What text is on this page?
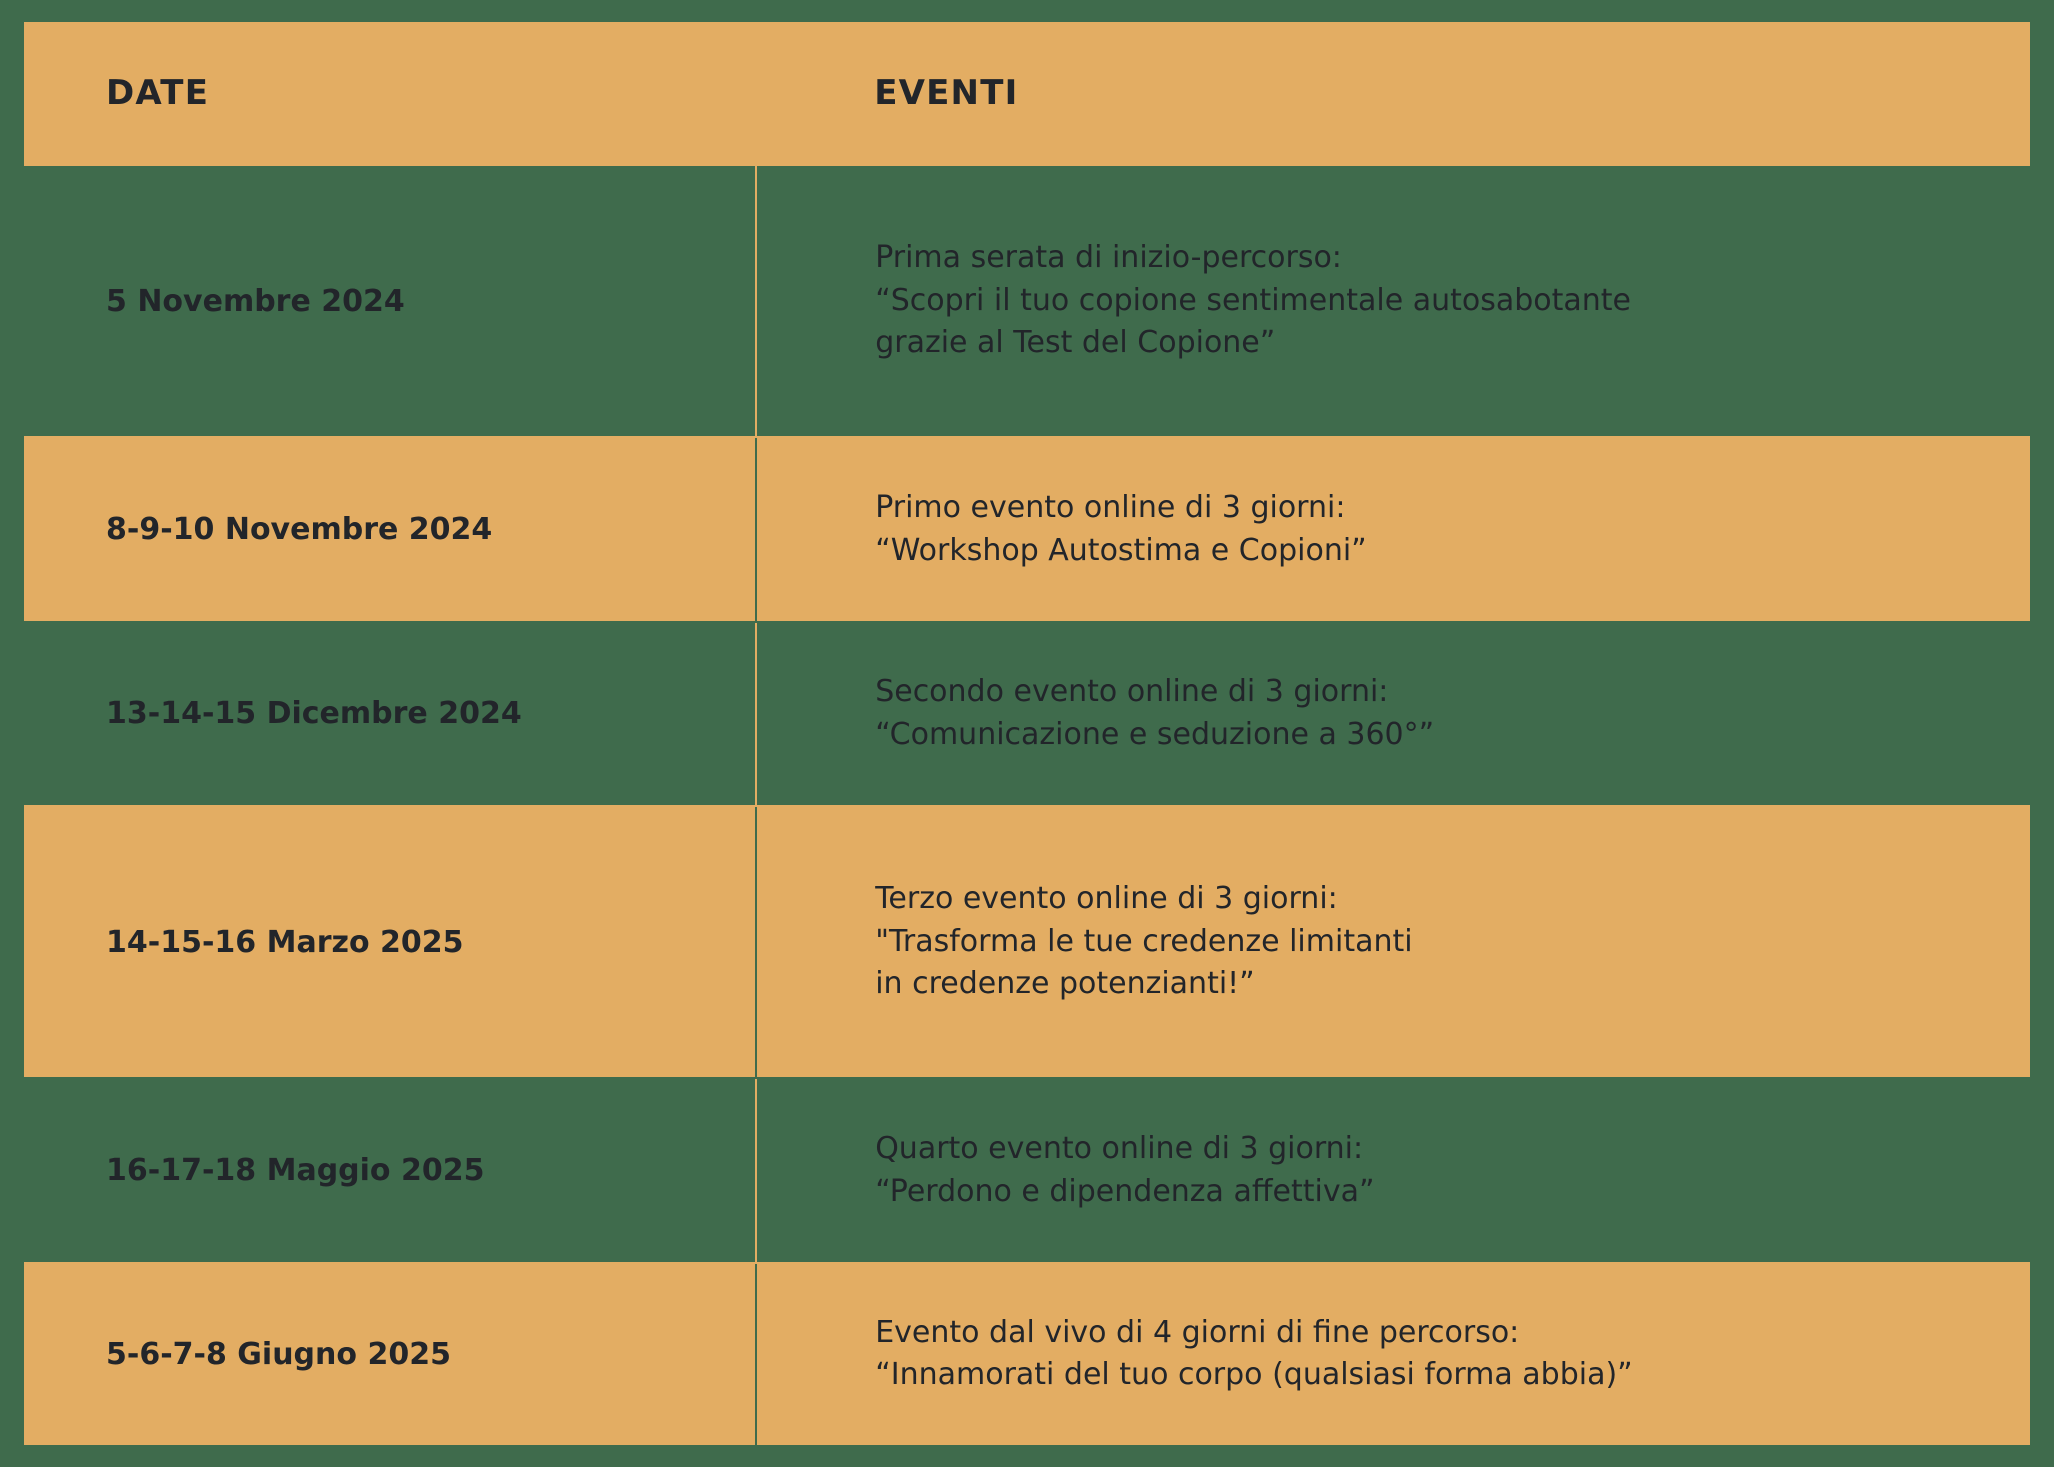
DATE	EVENTI
5 Novembre 2024	Prima serata di inizio-percorso:
“Scopri il tuo copione sentimentale autosabotante
grazie al Test del Copione”

8-9-10 Novembre 2024	Primo evento online di 3 giorni:
“Workshop Autostima e Copioni”

13-14-15 Dicembre 2024	Secondo evento online di 3 giorni:
“Comunicazione e seduzione a 360°”

14-15-16 Marzo 2025	Terzo evento online di 3 giorni:
"Trasforma le tue credenze limitanti
in credenze potenzianti!”

16-17-18 Maggio 2025	Quarto evento online di 3 giorni:
“Perdono e dipendenza affettiva”

5-6-7-8 Giugno 2025	Evento dal vivo di 4 giorni di fine percorso:
“Innamorati del tuo corpo (qualsiasi forma abbia)”
